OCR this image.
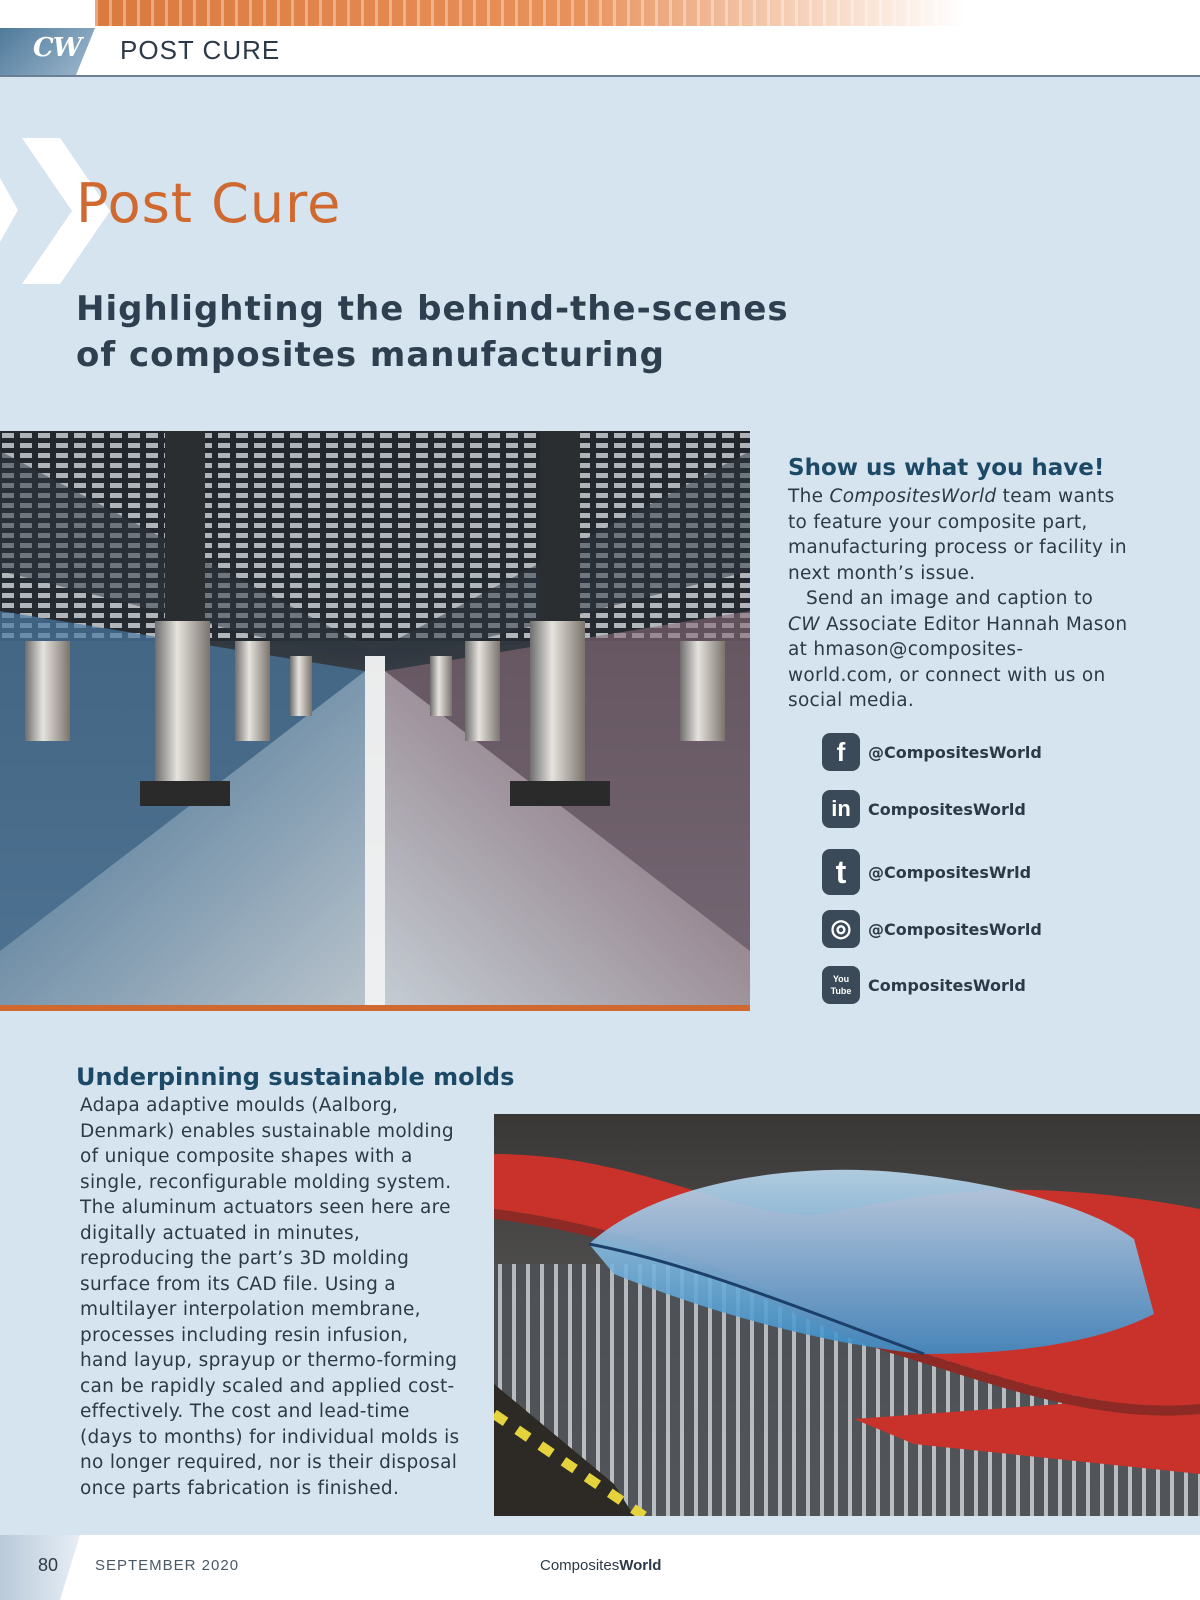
CW POST CURE
Post Cure
Highlighting the behind-the-scenes
of composites manufacturing
Show us what you have!

The CompositesWorld team wants to feature your composite part, manufacturing process or facility in next month’s issue.
Send an image and caption to CW Associate Editor Hannah Mason at hmason@composites-world.com, or connect with us on social media.

f	@CompositesWorld
in	CompositesWorld
t	@CompositesWrld
◎	@CompositesWorld
You Tube	CompositesWorld
Underpinning sustainable molds

Adapa adaptive moulds (Aalborg, Denmark) enables sustainable molding of unique composite shapes with a single, reconfigurable molding system. The aluminum actuators seen here are digitally actuated in minutes, reproducing the part’s 3D molding surface from its CAD file. Using a multilayer interpolation membrane, processes including resin infusion, hand layup, sprayup or thermo-forming can be rapidly scaled and applied cost-effectively. The cost and lead-time (days to months) for individual molds is no longer required, nor is their disposal once parts fabrication is finished.

80 SEPTEMBER 2020	CompositesWorld
